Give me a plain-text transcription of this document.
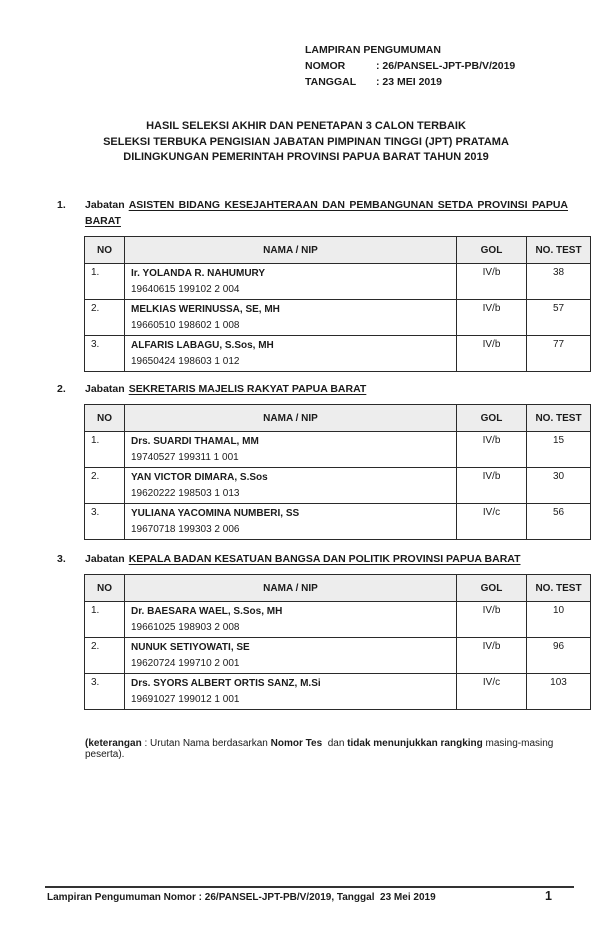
LAMPIRAN PENGUMUMAN
NOMOR	: 26/PANSEL-JPT-PB/V/2019
TANGGAL	: 23 MEI 2019
HASIL SELEKSI AKHIR DAN PENETAPAN 3 CALON TERBAIK
SELEKSI TERBUKA PENGISIAN JABATAN PIMPINAN TINGGI (JPT) PRATAMA
DILINGKUNGAN PEMERINTAH PROVINSI PAPUA BARAT TAHUN 2019
1.	Jabatan ASISTEN BIDANG KESEJAHTERAAN DAN PEMBANGUNAN SETDA PROVINSI PAPUA BARAT
NO	NAMA / NIP	GOL	NO. TEST
1.	Ir. YOLANDA R. NAHUMURY
19640615 199102 2 004	IV/b	38
2.	MELKIAS WERINUSSA, SE, MH
19660510 198602 1 008	IV/b	57
3.	ALFARIS LABAGU, S.Sos, MH
19650424 198603 1 012	IV/b	77
2.	Jabatan SEKRETARIS MAJELIS RAKYAT PAPUA BARAT
NO	NAMA / NIP	GOL	NO. TEST
1.	Drs. SUARDI THAMAL, MM
19740527 199311 1 001	IV/b	15
2.	YAN VICTOR DIMARA, S.Sos
19620222 198503 1 013	IV/b	30
3.	YULIANA YACOMINA NUMBERI, SS
19670718 199303 2 006	IV/c	56
3.	Jabatan KEPALA BADAN KESATUAN BANGSA DAN POLITIK PROVINSI PAPUA BARAT
NO	NAMA / NIP	GOL	NO. TEST
1.	Dr. BAESARA WAEL, S.Sos, MH
19661025 198903 2 008	IV/b	10
2.	NUNUK SETIYOWATI, SE
19620724 199710 2 001	IV/b	96
3.	Drs. SYORS ALBERT ORTIS SANZ, M.Si
19691027 199012 1 001	IV/c	103
(keterangan : Urutan Nama berdasarkan Nomor Tes  dan tidak menunjukkan rangking masing-masing peserta).
Lampiran Pengumuman Nomor : 26/PANSEL-JPT-PB/V/2019, Tanggal  23 Mei 2019	1
